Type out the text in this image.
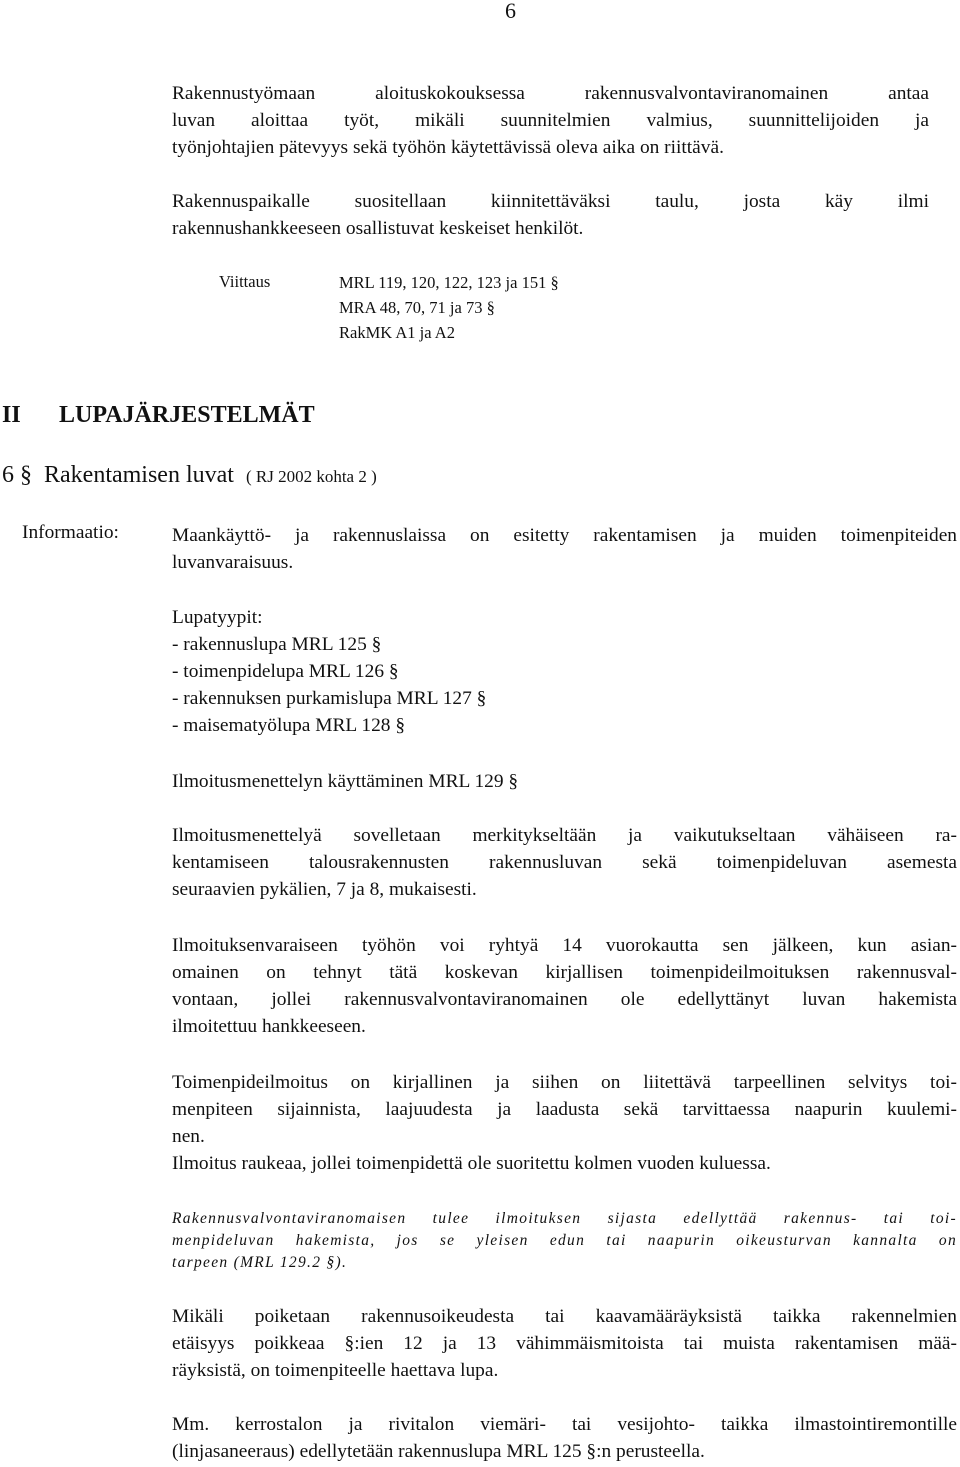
6
Rakennustyömaan aloituskokouksessa rakennusvalvontaviranomainen antaa
luvan aloittaa työt, mikäli suunnitelmien valmius, suunnittelijoiden ja
työnjohtajien pätevyys sekä työhön käytettävissä oleva aika on riittävä.
Rakennuspaikalle suositellaan kiinnitettäväksi taulu, josta käy ilmi
rakennushankkeeseen osallistuvat keskeiset henkilöt.
Viittaus	MRL 119, 120, 122, 123 ja 151 §
MRA 48, 70, 71 ja 73 §
RakMK A1 ja A2
II LUPAJÄRJESTELMÄT
6 § Rakentamisen luvat ( RJ 2002 kohta 2 )
Informaatio:	Maankäyttö- ja rakennuslaissa on esitetty rakentamisen ja muiden toimenpiteiden
luvanvaraisuus.
Lupatyypit:
- rakennuslupa MRL 125 §
- toimenpidelupa MRL 126 §
- rakennuksen purkamislupa MRL 127 §
- maisematyölupa MRL 128 §
Ilmoitusmenettelyn käyttäminen MRL 129 §
Ilmoitusmenettelyä sovelletaan merkitykseltään ja vaikutukseltaan vähäiseen ra-
kentamiseen talousrakennusten rakennusluvan sekä toimenpideluvan asemesta
seuraavien pykälien, 7 ja 8, mukaisesti.
Ilmoituksenvaraiseen työhön voi ryhtyä 14 vuorokautta sen jälkeen, kun asian-
omainen on tehnyt tätä koskevan kirjallisen toimenpideilmoituksen rakennusval-
vontaan, jollei rakennusvalvontaviranomainen ole edellyttänyt luvan hakemista
ilmoitettuu hankkeeseen.
Toimenpideilmoitus on kirjallinen ja siihen on liitettävä tarpeellinen selvitys toi-
menpiteen sijainnista, laajuudesta ja laadusta sekä tarvittaessa naapurin kuulemi-
nen.
Ilmoitus raukeaa, jollei toimenpidettä ole suoritettu kolmen vuoden kuluessa.
Rakennusvalvontaviranomaisen tulee ilmoituksen sijasta edellyttää rakennus- tai toi-
menpideluvan hakemista, jos se yleisen edun tai naapurin oikeusturvan kannalta on
tarpeen (MRL 129.2 §).
Mikäli poiketaan rakennusoikeudesta tai kaavamääräyksistä taikka rakennelmien
etäisyys poikkeaa §:ien 12 ja 13 vähimmäismitoista tai muista rakentamisen mää-
räyksistä, on toimenpiteelle haettava lupa.
Mm. kerrostalon ja rivitalon viemäri- tai vesijohto- taikka ilmastointiremontille
(linjasaneeraus) edellytetään rakennuslupa MRL 125 §:n perusteella.
